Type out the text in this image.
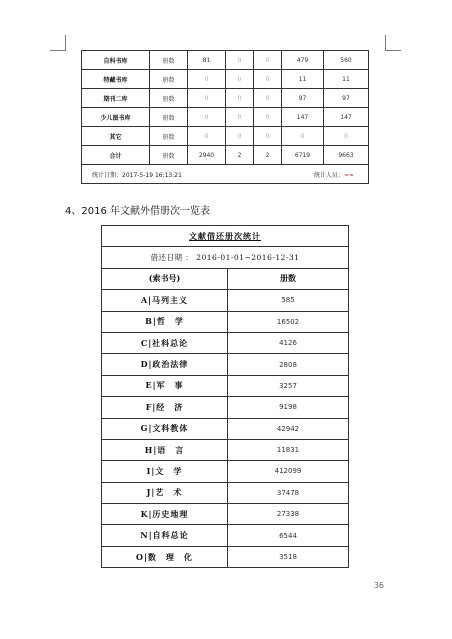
自科书库	册数	81	0	0	479	560
特藏书库	册数	0	0	0	11	11
期刊二库	册数	0	0	0	97	97
少儿图书库	册数	0	0	0	147	147
其它	册数	0	0	0	0	0
合计	册数	2940	2	2	6719	9663
统计日期：2017-5-19 16:13:21 统计人员：≈≈						
4、2016 年文献外借册次一览表
文献借还册次统计	
借还日期 ： 2016-01-01~2016-12-31	
(索书号)	册数
A|马列主义	585
B|哲　学	16502
C|社科总论	4126
D|政治法律	2808
E|军　事	3257
F|经　济	9198
G|文科教体	42942
H|语　言	11831
I|文　学	412099
J|艺　术	37478
K|历史地理	27338
N|自科总论	6544
O|数　理　化	3518
36
